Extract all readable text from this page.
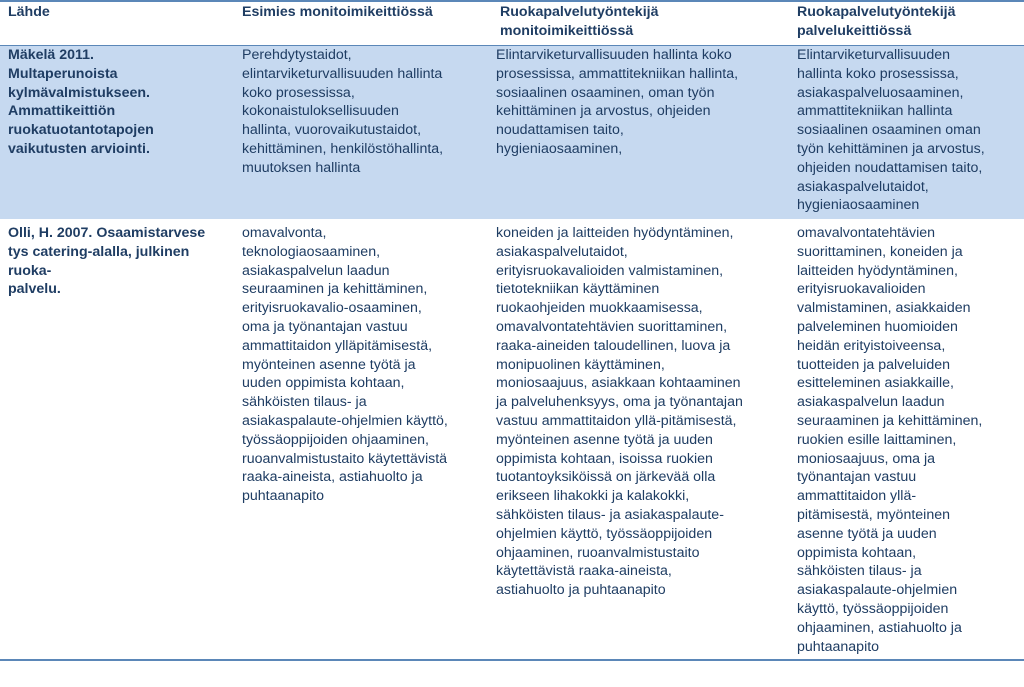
Lähde	Esimies monitoimikeittiössä	Ruokapalvelutyöntekijä
monitoimikeittiössä
Ruokapalvelutyöntekijä
palvelukeittiössä
Mäkelä 2011.
Multaperunoista
kylmävalmistukseen.
Ammattikeittiön
ruokatuotantotapojen
vaikutusten arviointi.
Perehdytystaidot,
elintarviketurvallisuuden hallinta
koko prosessissa,
kokonaistuloksellisuuden
hallinta, vuorovaikutustaidot,
kehittäminen, henkilöstöhallinta,
muutoksen hallinta
Elintarviketurvallisuuden hallinta koko
prosessissa, ammattitekniikan hallinta,
sosiaalinen osaaminen, oman työn
kehittäminen ja arvostus, ohjeiden
noudattamisen taito,
hygieniaosaaminen,
Elintarviketurvallisuuden
hallinta koko prosessissa,
asiakaspalveluosaaminen,
ammattitekniikan hallinta
sosiaalinen osaaminen oman
työn kehittäminen ja arvostus,
ohjeiden noudattamisen taito,
asiakaspalvelutaidot,
hygieniaosaaminen
Olli, H. 2007. Osaamistarvese
tys catering-alalla, julkinen
ruoka-
palvelu.
omavalvonta,
teknologiaosaaminen,
asiakaspalvelun laadun
seuraaminen ja kehittäminen,
erityisruokavalio-osaaminen,
oma ja työnantajan vastuu
ammattitaidon ylläpitämisestä,
myönteinen asenne työtä ja
uuden oppimista kohtaan,
sähköisten tilaus- ja
asiakaspalaute-ohjelmien käyttö,
työssäoppijoiden ohjaaminen,
ruoanvalmistustaito käytettävistä
raaka-aineista, astiahuolto ja
puhtaanapito
koneiden ja laitteiden hyödyntäminen,
asiakaspalvelutaidot,
erityisruokavalioiden valmistaminen,
tietotekniikan käyttäminen
ruokaohjeiden muokkaamisessa,
omavalvontatehtävien suorittaminen,
raaka-aineiden taloudellinen, luova ja
monipuolinen käyttäminen,
moniosaajuus, asiakkaan kohtaaminen
ja palveluhenksyys, oma ja työnantajan
vastuu ammattitaidon yllä-pitämisestä,
myönteinen asenne työtä ja uuden
oppimista kohtaan, isoissa ruokien
tuotantoyksiköissä on järkevää olla
erikseen lihakokki ja kalakokki,
sähköisten tilaus- ja asiakaspalaute-
ohjelmien käyttö, työssäoppijoiden
ohjaaminen, ruoanvalmistustaito
käytettävistä raaka-aineista,
astiahuolto ja puhtaanapito
omavalvontatehtävien
suorittaminen, koneiden ja
laitteiden hyödyntäminen,
erityisruokavalioiden
valmistaminen, asiakkaiden
palveleminen huomioiden
heidän erityistoiveensa,
tuotteiden ja palveluiden
esitteleminen asiakkaille,
asiakaspalvelun laadun
seuraaminen ja kehittäminen,
ruokien esille laittaminen,
moniosaajuus, oma ja
työnantajan vastuu
ammattitaidon yllä-
pitämisestä, myönteinen
asenne työtä ja uuden
oppimista kohtaan,
sähköisten tilaus- ja
asiakaspalaute-ohjelmien
käyttö, työssäoppijoiden
ohjaaminen, astiahuolto ja
puhtaanapito
